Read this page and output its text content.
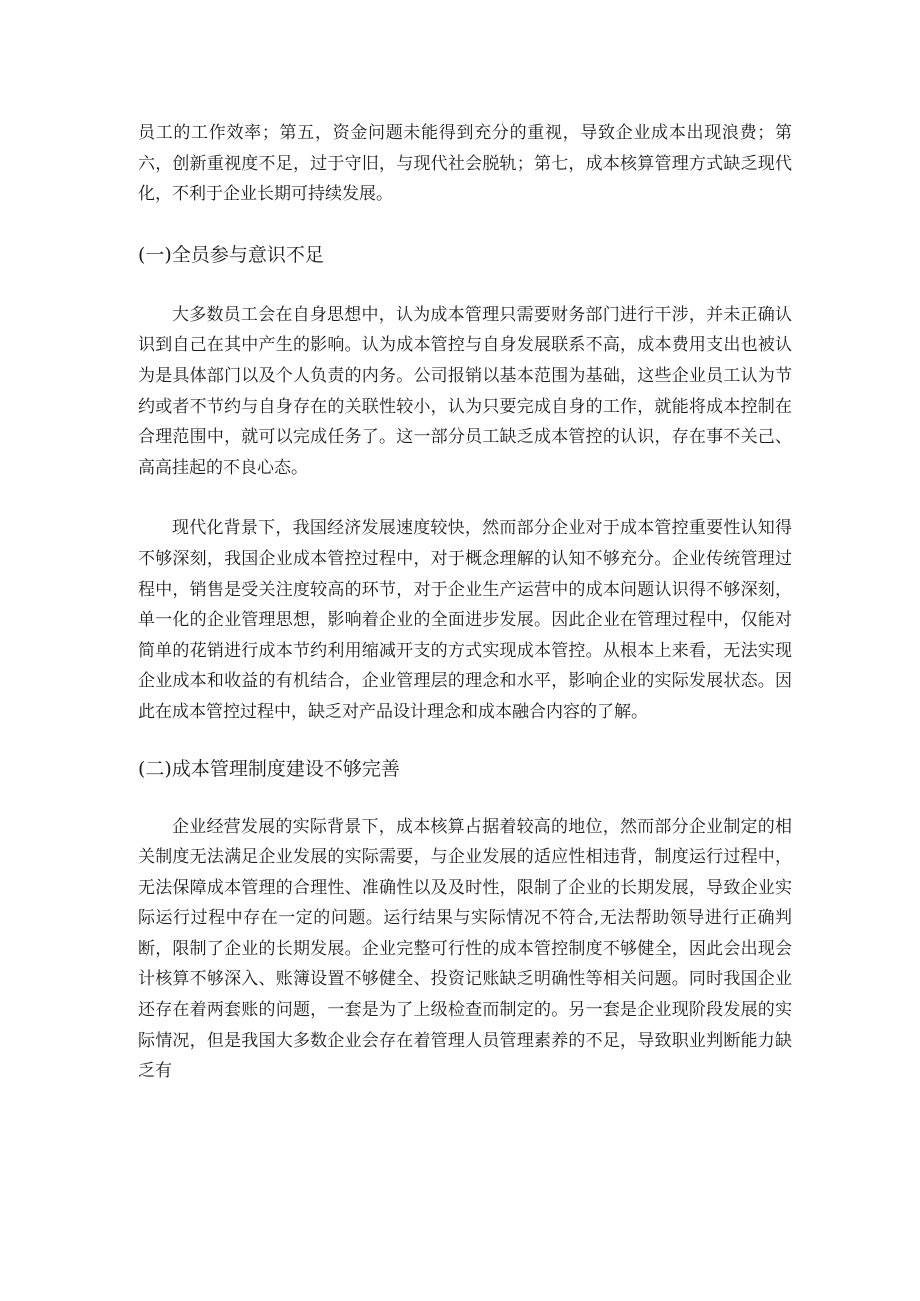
员工的工作效率；第五，资金问题未能得到充分的重视，导致企业成本出现浪费；第六，创新重视度不足，过于守旧，与现代社会脱轨；第七，成本核算管理方式缺乏现代化，不利于企业长期可持续发展。

(一)全员参与意识不足

大多数员工会在自身思想中，认为成本管理只需要财务部门进行干涉，并未正确认识到自己在其中产生的影响。认为成本管控与自身发展联系不高，成本费用支出也被认为是具体部门以及个人负责的内务。公司报销以基本范围为基础，这些企业员工认为节约或者不节约与自身存在的关联性较小，认为只要完成自身的工作，就能将成本控制在合理范围中，就可以完成任务了。这一部分员工缺乏成本管控的认识，存在事不关己、高高挂起的不良心态。

现代化背景下，我国经济发展速度较快，然而部分企业对于成本管控重要性认知得不够深刻，我国企业成本管控过程中，对于概念理解的认知不够充分。企业传统管理过程中，销售是受关注度较高的环节，对于企业生产运营中的成本问题认识得不够深刻，单一化的企业管理思想，影响着企业的全面进步发展。因此企业在管理过程中，仅能对简单的花销进行成本节约利用缩减开支的方式实现成本管控。从根本上来看，无法实现企业成本和收益的有机结合，企业管理层的理念和水平，影响企业的实际发展状态。因此在成本管控过程中，缺乏对产品设计理念和成本融合内容的了解。

(二)成本管理制度建设不够完善

企业经营发展的实际背景下，成本核算占据着较高的地位，然而部分企业制定的相关制度无法满足企业发展的实际需要，与企业发展的适应性相违背，制度运行过程中，无法保障成本管理的合理性、准确性以及及时性，限制了企业的长期发展，导致企业实际运行过程中存在一定的问题。运行结果与实际情况不符合,无法帮助领导进行正确判断，限制了企业的长期发展。企业完整可行性的成本管控制度不够健全，因此会出现会计核算不够深入、账簿设置不够健全、投资记账缺乏明确性等相关问题。同时我国企业还存在着两套账的问题，一套是为了上级检查而制定的。另一套是企业现阶段发展的实际情况，但是我国大多数企业会存在着管理人员管理素养的不足，导致职业判断能力缺乏有
